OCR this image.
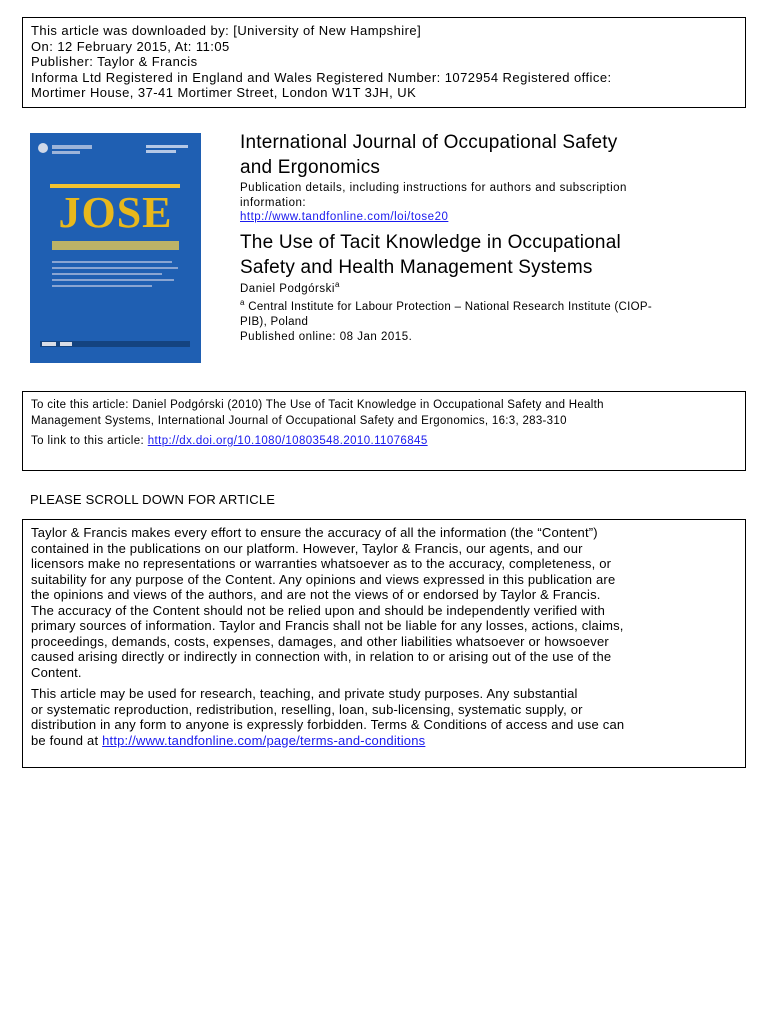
This article was downloaded by: [University of New Hampshire]
On: 12 February 2015, At: 11:05
Publisher: Taylor & Francis
Informa Ltd Registered in England and Wales Registered Number: 1072954 Registered office:
Mortimer House, 37-41 Mortimer Street, London W1T 3JH, UK
JOSE
International Journal of Occupational Safety
and Ergonomics
Publication details, including instructions for authors and subscription
information:
http://www.tandfonline.com/loi/tose20
The Use of Tacit Knowledge in Occupational
Safety and Health Management Systems
Daniel Podgórski$^a$
$^a$ Central Institute for Labour Protection – National Research Institute (CIOP-
PIB), Poland
Published online: 08 Jan 2015.
To cite this article: Daniel Podgórski (2010) The Use of Tacit Knowledge in Occupational Safety and Health
Management Systems, International Journal of Occupational Safety and Ergonomics, 16:3, 283-310
To link to this article: http://dx.doi.org/10.1080/10803548.2010.11076845
PLEASE SCROLL DOWN FOR ARTICLE

Taylor & Francis makes every effort to ensure the accuracy of all the information (the “Content”)
contained in the publications on our platform. However, Taylor & Francis, our agents, and our
licensors make no representations or warranties whatsoever as to the accuracy, completeness, or
suitability for any purpose of the Content. Any opinions and views expressed in this publication are
the opinions and views of the authors, and are not the views of or endorsed by Taylor & Francis.
The accuracy of the Content should not be relied upon and should be independently verified with
primary sources of information. Taylor and Francis shall not be liable for any losses, actions, claims,
proceedings, demands, costs, expenses, damages, and other liabilities whatsoever or howsoever
caused arising directly or indirectly in connection with, in relation to or arising out of the use of the
Content.

This article may be used for research, teaching, and private study purposes. Any substantial
or systematic reproduction, redistribution, reselling, loan, sub-licensing, systematic supply, or
distribution in any form to anyone is expressly forbidden. Terms & Conditions of access and use can
be found at http://www.tandfonline.com/page/terms-and-conditions
